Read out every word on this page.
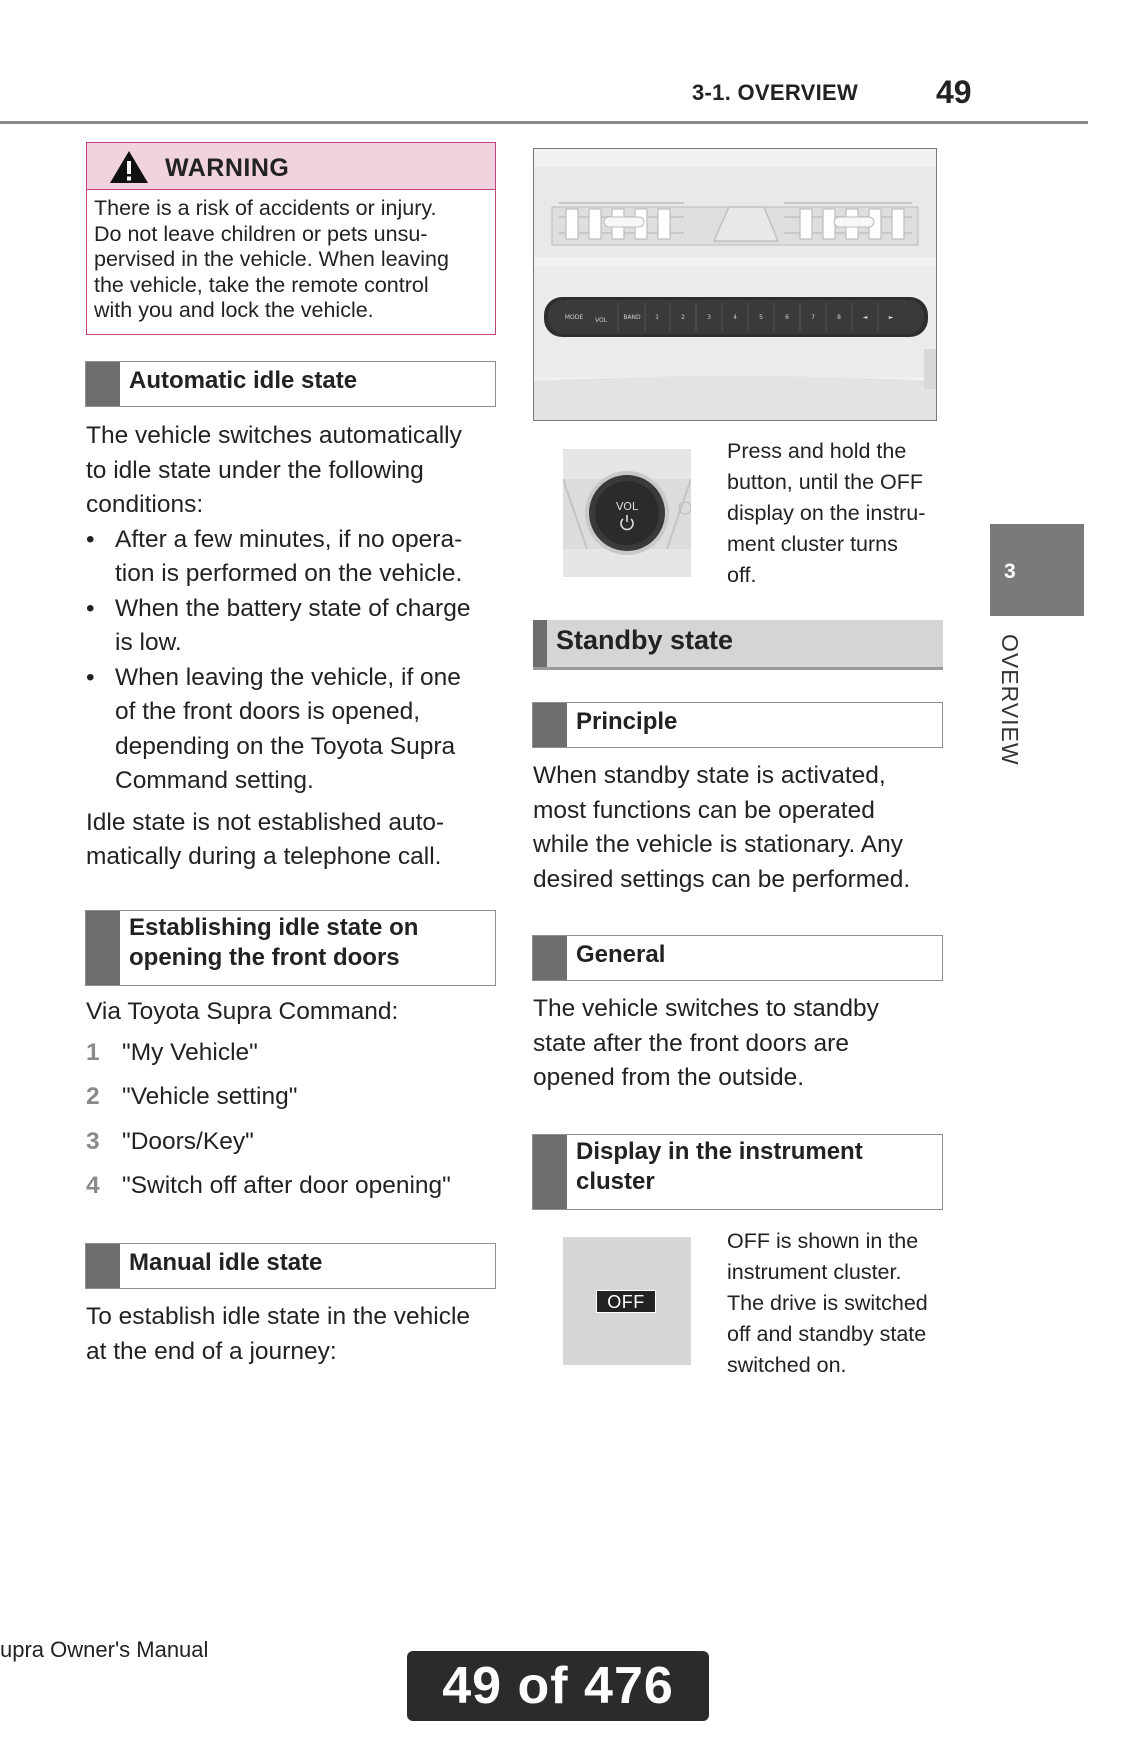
3-1. OVERVIEW 49
WARNING
There is a risk of accidents or injury.
Do not leave children or pets unsu-
pervised in the vehicle. When leaving
the vehicle, take the remote control
with you and lock the vehicle.
Automatic idle state
The vehicle switches automatically
to idle state under the following
conditions:
• After a few minutes, if no opera-
tion is performed on the vehicle.
• When the battery state of charge
is low.
• When leaving the vehicle, if one
of the front doors is opened,
depending on the Toyota Supra
Command setting.
Idle state is not established auto-
matically during a telephone call.
Establishing idle state on
opening the front doors
Via Toyota Supra Command:
1 "My Vehicle"
2 "Vehicle setting"
3 "Doors/Key"
4 "Switch off after door opening"
Manual idle state
To establish idle state in the vehicle
at the end of a journey:
MODE VOL	BAND 1	2	3	4	5	6	7	8	◄	►
VOL
Press and hold the
button, until the OFF
display on the instru-
ment cluster turns
off.
Standby state
Principle
When standby state is activated,
most functions can be operated
while the vehicle is stationary. Any
desired settings can be performed.
General
The vehicle switches to standby
state after the front doors are
opened from the outside.
Display in the instrument
cluster
OFF
OFF is shown in the
instrument cluster.
The drive is switched
off and standby state
switched on.
3
OVERVIEW
upra Owner's Manual
49 of 476
